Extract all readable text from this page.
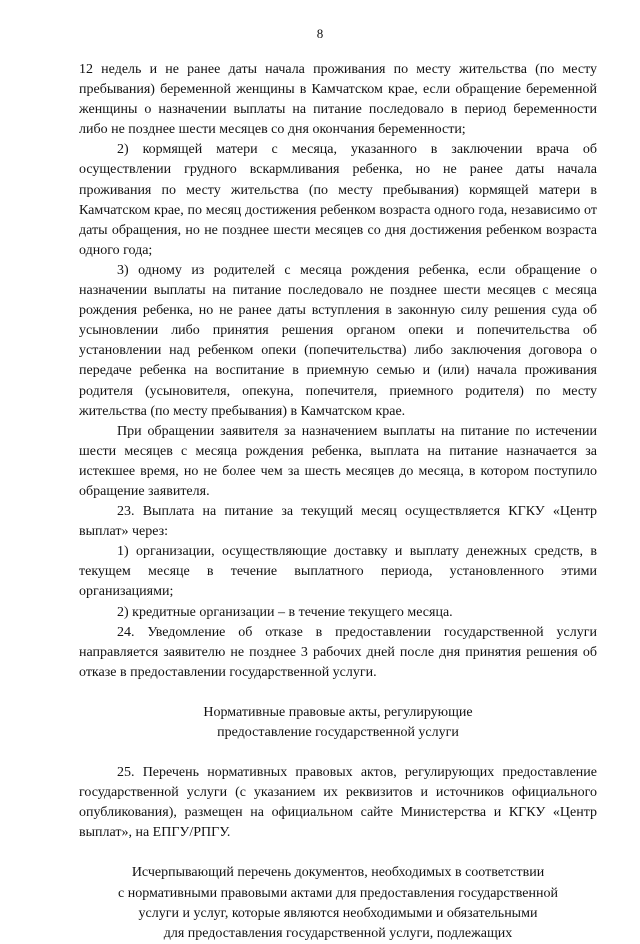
8

12 недель и не ранее даты начала проживания по месту жительства (по месту пребывания) беременной женщины в Камчатском крае, если обращение беременной женщины о назначении выплаты на питание последовало в период беременности либо не позднее шести месяцев со дня окончания беременности;

2) кормящей матери с месяца, указанного в заключении врача об осуществлении грудного вскармливания ребенка, но не ранее даты начала проживания по месту жительства (по месту пребывания) кормящей матери в Камчатском крае, по месяц достижения ребенком возраста одного года, независимо от даты обращения, но не позднее шести месяцев со дня достижения ребенком возраста одного года;

3) одному из родителей с месяца рождения ребенка, если обращение о назначении выплаты на питание последовало не позднее шести месяцев с месяца рождения ребенка, но не ранее даты вступления в законную силу решения суда об усыновлении либо принятия решения органом опеки и попечительства об установлении над ребенком опеки (попечительства) либо заключения договора о передаче ребенка на воспитание в приемную семью и (или) начала проживания родителя (усыновителя, опекуна, попечителя, приемного родителя) по месту жительства (по месту пребывания) в Камчатском крае.

При обращении заявителя за назначением выплаты на питание по истечении шести месяцев с месяца рождения ребенка, выплата на питание назначается за истекшее время, но не более чем за шесть месяцев до месяца, в котором поступило обращение заявителя.

23. Выплата на питание за текущий месяц осуществляется КГКУ «Центр выплат» через:

1) организации, осуществляющие доставку и выплату денежных средств, в текущем месяце в течение выплатного периода, установленного этими организациями;

2) кредитные организации – в течение текущего месяца.

24. Уведомление об отказе в предоставлении государственной услуги направляется заявителю не позднее 3 рабочих дней после дня принятия решения об отказе в предоставлении государственной услуги.

Нормативные правовые акты, регулирующие
предоставление государственной услуги

25. Перечень нормативных правовых актов, регулирующих предоставление государственной услуги (с указанием их реквизитов и источников официального опубликования), размещен на официальном сайте Министерства и КГКУ «Центр выплат», на ЕПГУ/РПГУ.

Исчерпывающий перечень документов, необходимых в соответствии
с нормативными правовыми актами для предоставления государственной
услуги и услуг, которые являются необходимыми и обязательными
для предоставления государственной услуги, подлежащих
